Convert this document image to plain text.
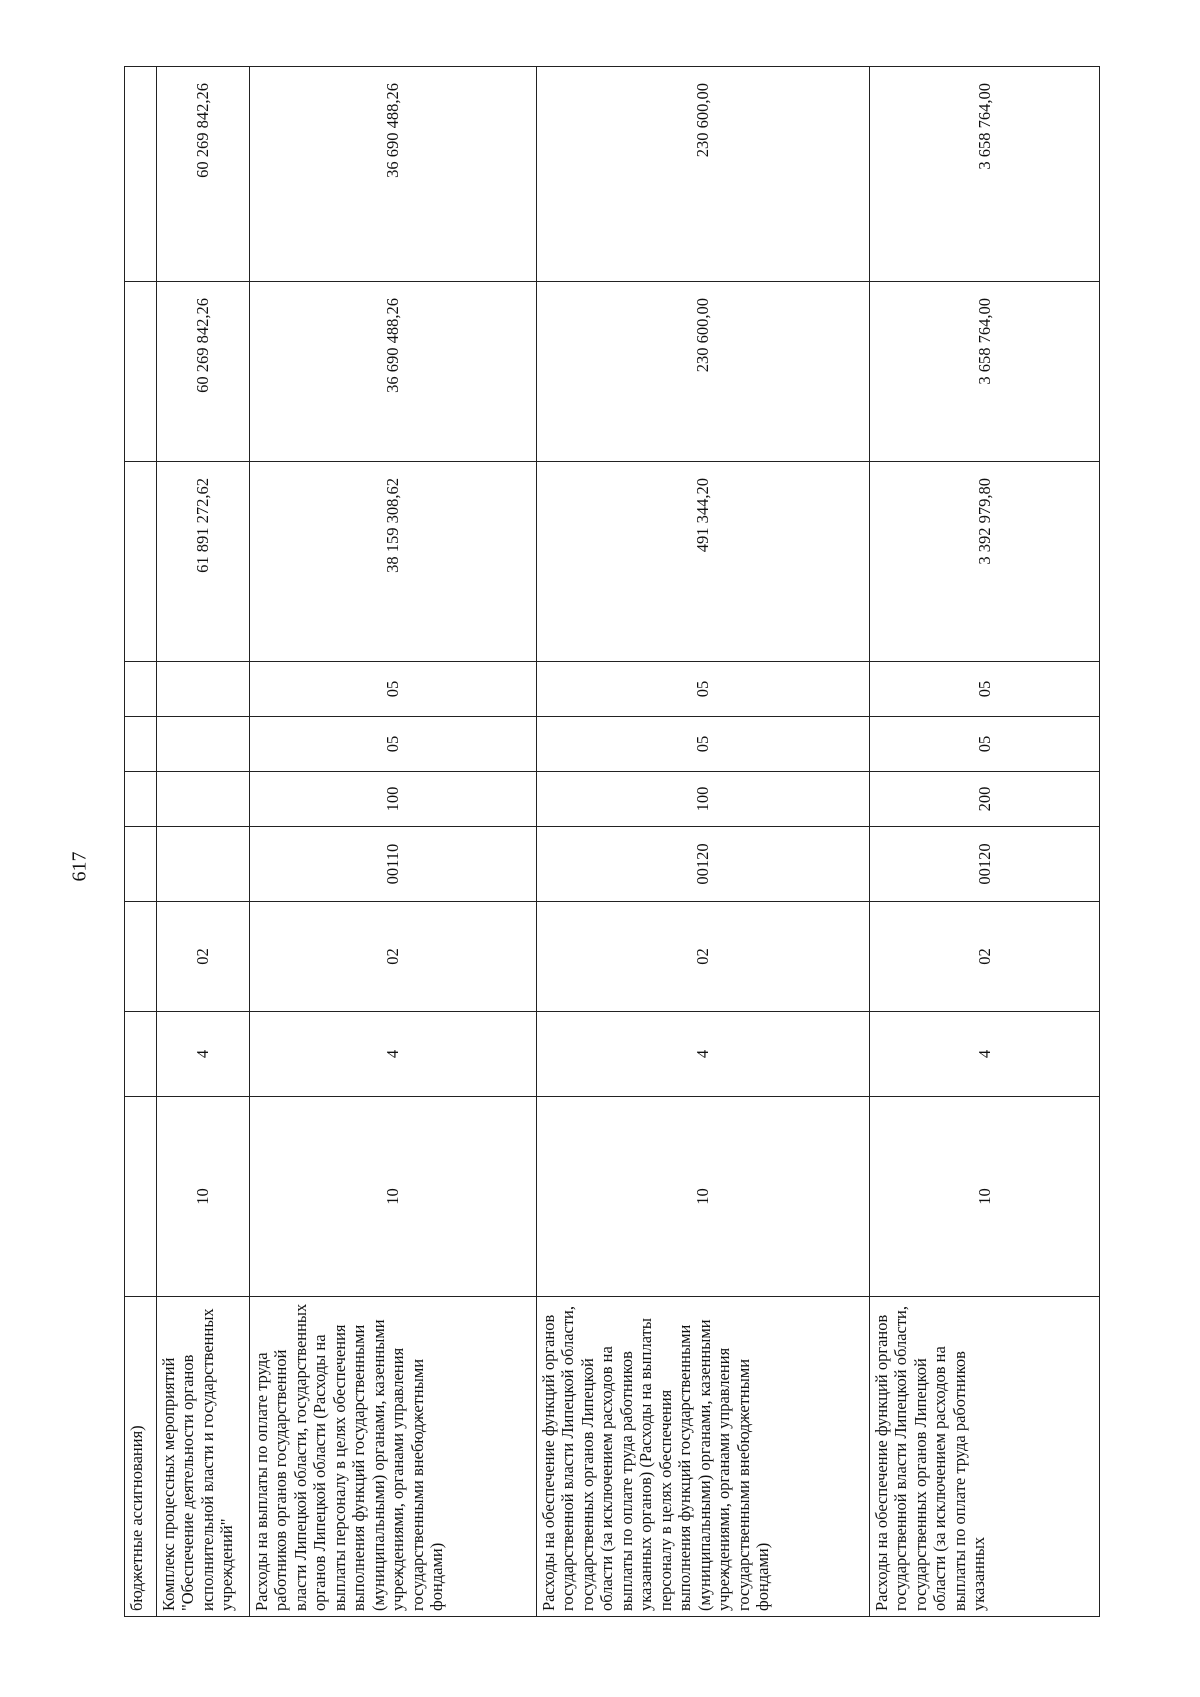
617
бюджетные ассигнования)										
Комплекс процессных мероприятий "Обеспечение деятельности органов исполнительной власти и государственных учреждений"	10	4	02					61 891 272,62	60 269 842,26	60 269 842,26
Расходы на выплаты по оплате труда работников органов государственной власти Липецкой области, государственных органов Липецкой области (Расходы на выплаты персоналу в целях обеспечения выполнения функций государственными (муниципальными) органами, казенными учреждениями, органами управления государственными внебюджетными фондами)	10	4	02	00110	100	05	05	38 159 308,62	36 690 488,26	36 690 488,26
Расходы на обеспечение функций органов государственной власти Липецкой области, государственных органов Липецкой области (за исключением расходов на выплаты по оплате труда работников указанных органов) (Расходы на выплаты персоналу в целях обеспечения выполнения функций государственными (муниципальными) органами, казенными учреждениями, органами управления государственными внебюджетными фондами)	10	4	02	00120	100	05	05	491 344,20	230 600,00	230 600,00
Расходы на обеспечение функций органов государственной власти Липецкой области, государственных органов Липецкой области (за исключением расходов на выплаты по оплате труда работников указанных	10	4	02	00120	200	05	05	3 392 979,80	3 658 764,00	3 658 764,00
